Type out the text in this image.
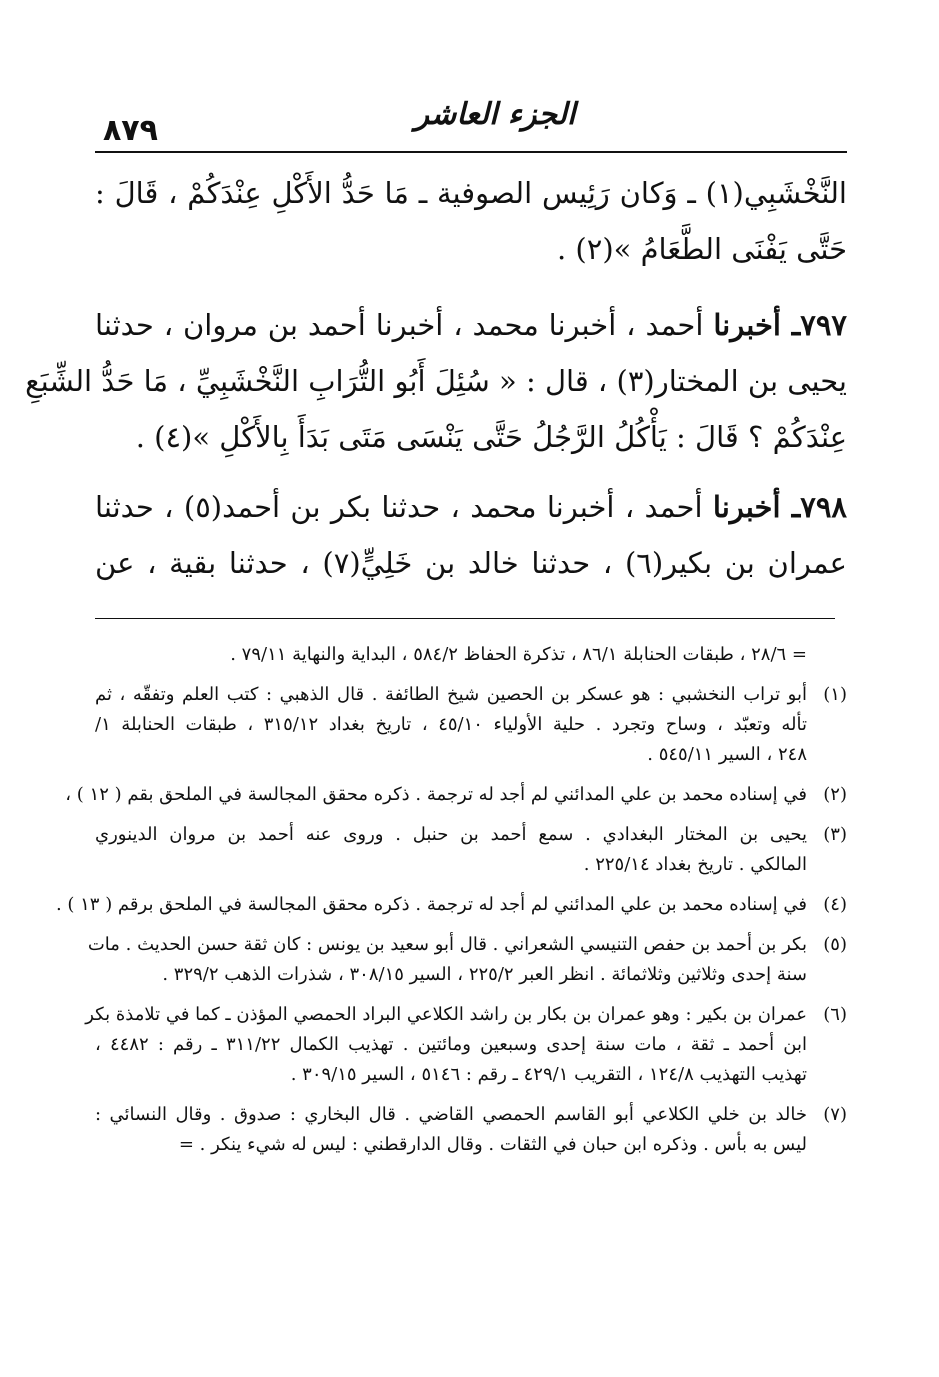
٨٧٩	الجزء العاشر
النَّخْشَبِي(١) ـ وَكان رَئِيس الصوفية ـ مَا حَدُّ الأَكْلِ عِنْدَكُمْ ، قَالَ :
حَتَّى يَفْنَى الطَّعَامُ »(٢) .
٧٩٧ـ أخبرنا أحمد ، أخبرنا محمد ، أخبرنا أحمد بن مروان ، حدثنا
يحيى بن المختار(٣) ، قال : « سُئِلَ أَبُو التُّرَابِ النَّخْشَبِيِّ ، مَا حَدُّ الشِّبَعِ
عِنْدَكُمْ ؟ قَالَ : يَأْكُلُ الرَّجُلُ حَتَّى يَنْسَى مَتَى بَدَأَ بِالأَكْلِ »(٤) .
٧٩٨ـ أخبرنا أحمد ، أخبرنا محمد ، حدثنا بكر بن أحمد(٥) ، حدثنا
عمران بن بكير(٦) ، حدثنا خالد بن خَلِيٍّ(٧) ، حدثنا بقية ، عن
= ٢٨/٦ ، طبقات الحنابلة ٨٦/١ ، تذكرة الحفاظ ٥٨٤/٢ ، البداية والنهاية ٧٩/١١ .
(١)
أبو تراب النخشبي : هو عسكر بن الحصين شيخ الطائفة . قال الذهبي : كتب العلم وتفقّه ، ثم
تأله وتعبّد ، وساح وتجرد . حلية الأولياء ٤٥/١٠ ، تاريخ بغداد ٣١٥/١٢ ، طبقات الحنابلة ١/
٢٤٨ ، السير ٥٤٥/١١ .
(٢)
في إسناده محمد بن علي المدائني لم أجد له ترجمة . ذكره محقق المجالسة في الملحق بقم ( ١٢ ) ،
(٣)
يحيى بن المختار البغدادي . سمع أحمد بن حنبل . وروى عنه أحمد بن مروان الدينوري
المالكي . تاريخ بغداد ٢٢٥/١٤ .
(٤)
في إسناده محمد بن علي المدائني لم أجد له ترجمة . ذكره محقق المجالسة في الملحق برقم ( ١٣ ) .
(٥)
بكر بن أحمد بن حفص التنيسي الشعراني . قال أبو سعيد بن يونس : كان ثقة حسن الحديث . مات
سنة إحدى وثلاثين وثلاثمائة . انظر العبر ٢٢٥/٢ ، السير ٣٠٨/١٥ ، شذرات الذهب ٣٢٩/٢ .
(٦)
عمران بن بكير : وهو عمران بن بكار بن راشد الكلاعي البراد الحمصي المؤذن ـ كما في تلامذة بكر
ابن أحمد ـ ثقة ، مات سنة إحدى وسبعين ومائتين . تهذيب الكمال ٣١١/٢٢ ـ رقم : ٤٤٨٢ ،
تهذيب التهذيب ١٢٤/٨ ، التقريب ٤٢٩/١ ـ رقم : ٥١٤٦ ، السير ٣٠٩/١٥ .
(٧)
خالد بن خلي الكلاعي أبو القاسم الحمصي القاضي . قال البخاري : صدوق . وقال النسائي :
ليس به بأس . وذكره ابن حبان في الثقات . وقال الدارقطني : ليس له شيء ينكر . =
